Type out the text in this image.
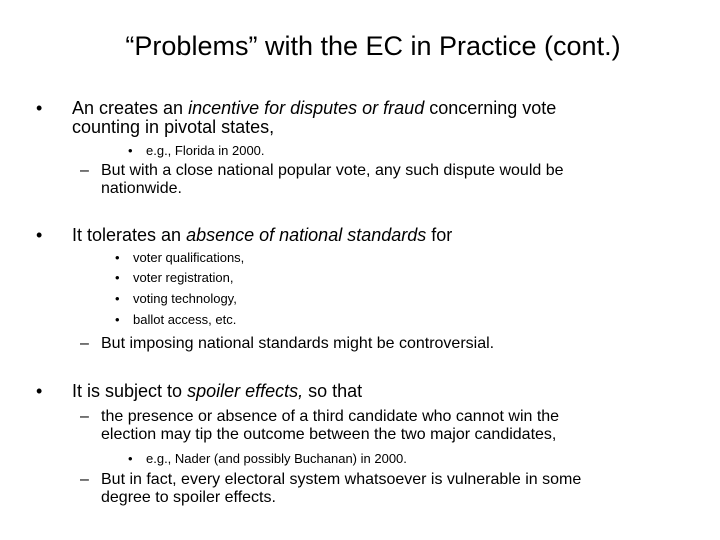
“Problems” with the EC in Practice (cont.)
• An creates an incentive for disputes or fraud concerning vote
counting in pivotal states,
• e.g., Florida in 2000.
– But with a close national popular vote, any such dispute would be
nationwide.
• It tolerates an absence of national standards for
• voter qualifications,
• voter registration,
• voting technology,
• ballot access, etc.
– But imposing national standards might be controversial.
• It is subject to spoiler effects, so that
– the presence or absence of a third candidate who cannot win the
election may tip the outcome between the two major candidates,
• e.g., Nader (and possibly Buchanan) in 2000.
– But in fact, every electoral system whatsoever is vulnerable in some
degree to spoiler effects.
